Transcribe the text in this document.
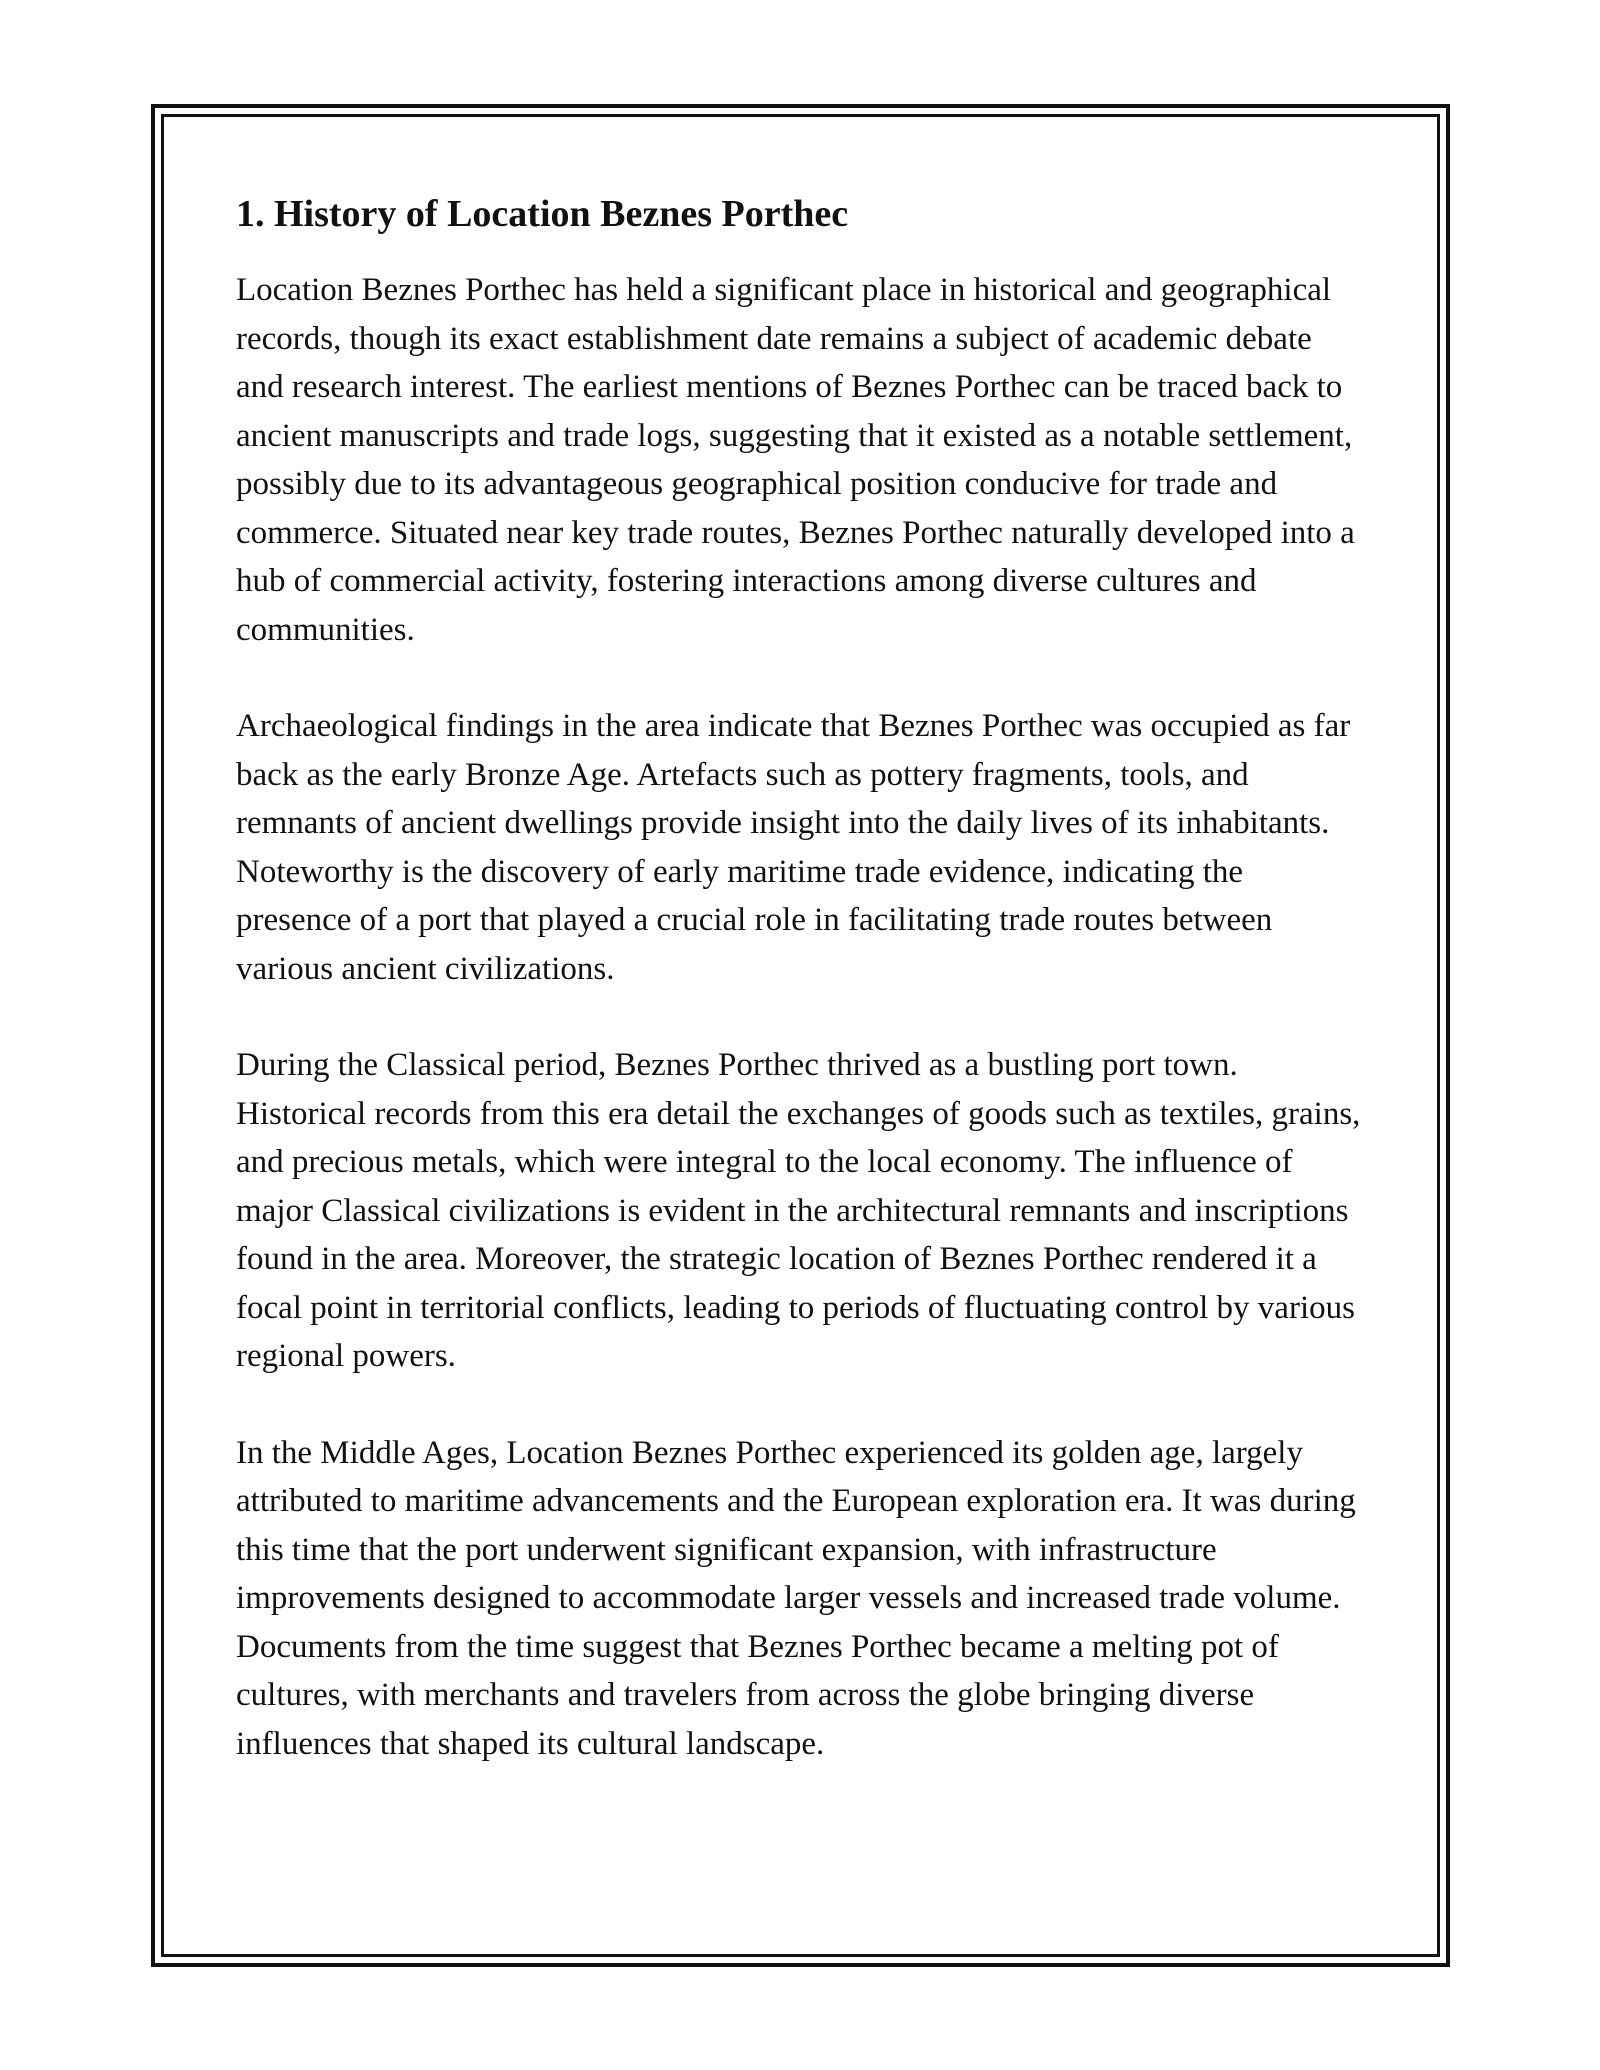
1. History of Location Beznes Porthec

Location Beznes Porthec has held a significant place in historical and geographical records, though its exact establishment date remains a subject of academic debate and research interest. The earliest mentions of Beznes Porthec can be traced back to ancient manuscripts and trade logs, suggesting that it existed as a notable settlement, possibly due to its advantageous geographical position conducive for trade and commerce. Situated near key trade routes, Beznes Porthec naturally developed into a hub of commercial activity, fostering interactions among diverse cultures and communities.

Archaeological findings in the area indicate that Beznes Porthec was occupied as far back as the early Bronze Age. Artefacts such as pottery fragments, tools, and remnants of ancient dwellings provide insight into the daily lives of its inhabitants. Noteworthy is the discovery of early maritime trade evidence, indicating the presence of a port that played a crucial role in facilitating trade routes between various ancient civilizations.

During the Classical period, Beznes Porthec thrived as a bustling port town. Historical records from this era detail the exchanges of goods such as textiles, grains, and precious metals, which were integral to the local economy. The influence of major Classical civilizations is evident in the architectural remnants and inscriptions found in the area. Moreover, the strategic location of Beznes Porthec rendered it a focal point in territorial conflicts, leading to periods of fluctuating control by various regional powers.

In the Middle Ages, Location Beznes Porthec experienced its golden age, largely attributed to maritime advancements and the European exploration era. It was during this time that the port underwent significant expansion, with infrastructure improvements designed to accommodate larger vessels and increased trade volume. Documents from the time suggest that Beznes Porthec became a melting pot of cultures, with merchants and travelers from across the globe bringing diverse influences that shaped its cultural landscape.
